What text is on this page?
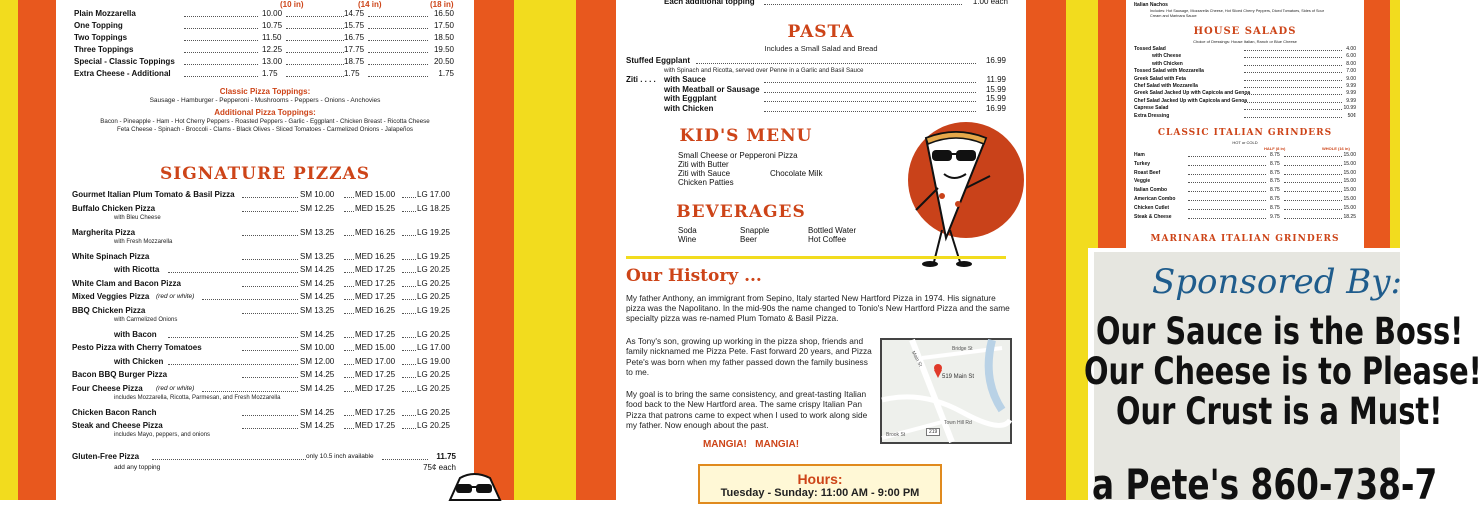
(10 in)	(14 in)	(18 in)
Plain Mozzarella	10.00	14.75	16.50
One Topping	10.75	15.75	17.50
Two Toppings	11.50	16.75	18.50
Three Toppings	12.25	17.75	19.50
Special - Classic Toppings	13.00	18.75	20.50
Extra Cheese - Additional	1.75	1.75	1.75
Classic Pizza Toppings:
Sausage - Hamburger - Pepperoni - Mushrooms - Peppers - Onions - Anchovies
Additional Pizza Toppings:
Bacon - Pineapple - Ham - Hot Cherry Peppers - Roasted Peppers - Garlic - Eggplant - Chicken Breast - Ricotta Cheese
Feta Cheese - Spinach - Broccoli - Clams - Black Olives - Sliced Tomatoes - Carmelized Onions - Jalapeños
SIGNATURE PIZZAS
Gourmet Italian Plum Tomato & Basil Pizza	SM 10.00	MED 15.00	LG 17.00
Buffalo Chicken Pizza	SM 12.25	MED 15.25	LG 18.25
with Bleu Cheese
Margherita Pizza	SM 13.25	MED 16.25	LG 19.25
with Fresh Mozzarella
White Spinach Pizza	SM 13.25	MED 16.25	LG 19.25
with Ricotta	SM 14.25	MED 17.25	LG 20.25
White Clam and Bacon Pizza	SM 14.25	MED 17.25	LG 20.25
Mixed Veggies Pizza (red or white)	SM 14.25	MED 17.25	LG 20.25
BBQ Chicken Pizza	SM 13.25	MED 16.25	LG 19.25
with Carmelized Onions
with Bacon	SM 14.25	MED 17.25	LG 20.25
Pesto Pizza with Cherry Tomatoes	SM 10.00	MED 15.00	LG 17.00
with Chicken	SM 12.00	MED 17.00	LG 19.00
Bacon BBQ Burger Pizza	SM 14.25	MED 17.25	LG 20.25
Four Cheese Pizza (red or white)	SM 14.25	MED 17.25	LG 20.25
includes Mozzarella, Ricotta, Parmesan, and Fresh Mozzarella
Chicken Bacon Ranch	SM 14.25	MED 17.25	LG 20.25
Steak and Cheese Pizza	SM 14.25	MED 17.25	LG 20.25
includes Mayo, peppers, and onions
Gluten-Free Pizza	only 10.5 inch available	11.75
add any topping	75¢ each
Each additional topping	1.00 each
PASTA
Includes a Small Salad and Bread
Stuffed Eggplant	16.99
with Spinach and Ricotta, served over Penne in a Garlic and Basil Sauce
Ziti . . . . with Sauce	11.99
with Meatball or Sausage	15.99
with Eggplant	15.99
with Chicken	16.99
KID'S MENU
Small Cheese or Pepperoni Pizza
Ziti with Butter
Ziti with Sauce
Chicken Patties
Chocolate Milk
BEVERAGES
Soda
Wine
Snapple
Beer
Bottled Water
Hot Coffee
Our History ...
My father Anthony, an immigrant from Sepino, Italy started New Hartford Pizza in 1974. His signature pizza was the Napolitano. In the mid-90s the name changed to Tonio's New Hartford Pizza and the same specialty pizza was re-named Plum Tomato & Basil Pizza.
As Tony's son, growing up working in the pizza shop, friends and family nicknamed me Pizza Pete. Fast forward 20 years, and Pizza Pete's was born when my father passed down the family business to me.
My goal is to bring the same consistency, and great-tasting Italian food back to the New Hartford area. The same crispy Italian Pan Pizza that patrons came to expect when I used to work along side my father. Now enough about the past.
519 Main St
Main St
Bridge St
Town Hill Rd
Brook St	219
MANGIA!   MANGIA!
Hours:
Tuesday - Sunday: 11:00 AM - 9:00 PM
Italian Nachos
Includes: Hot Sausage, Mozzarella Cheese, Hot Sliced Cherry Peppers, Diced Tomatoes, Sides of Sour Cream and Marinara Sauce
HOUSE SALADS
Choice of Dressings: House Italian, Ranch or Blue Cheese
Tossed Salad	4.00
with Cheese	6.00
with Chicken	8.00
Tossed Salad with Mozzarella	7.00
Greek Salad with Feta	9.00
Chef Salad with Mozzarella	9.99
Greek Salad Jacked Up with Capicola and Genoa	9.99
Chef Salad Jacked Up with Capicola and Genoa	9.99
Caprese Salad	10.99
Extra Dressing	50¢
CLASSIC ITALIAN GRINDERS
HOT or COLD
HALF (8 in)	WHOLE (16 in)
Ham	8.75	15.00
Turkey	8.75	15.00
Roast Beef	8.75	15.00
Veggie	8.75	15.00
Italian Combo	8.75	15.00
American Combo	8.75	15.00
Chicken Cutlet	8.75	15.00
Steak & Cheese	9.75	18.25
MARINARA ITALIAN GRINDERS
Sponsored By:
Our Sauce is the Boss!
Our Cheese is to Please!
Our Crust is a Must!
a Pete's 860-738-7
